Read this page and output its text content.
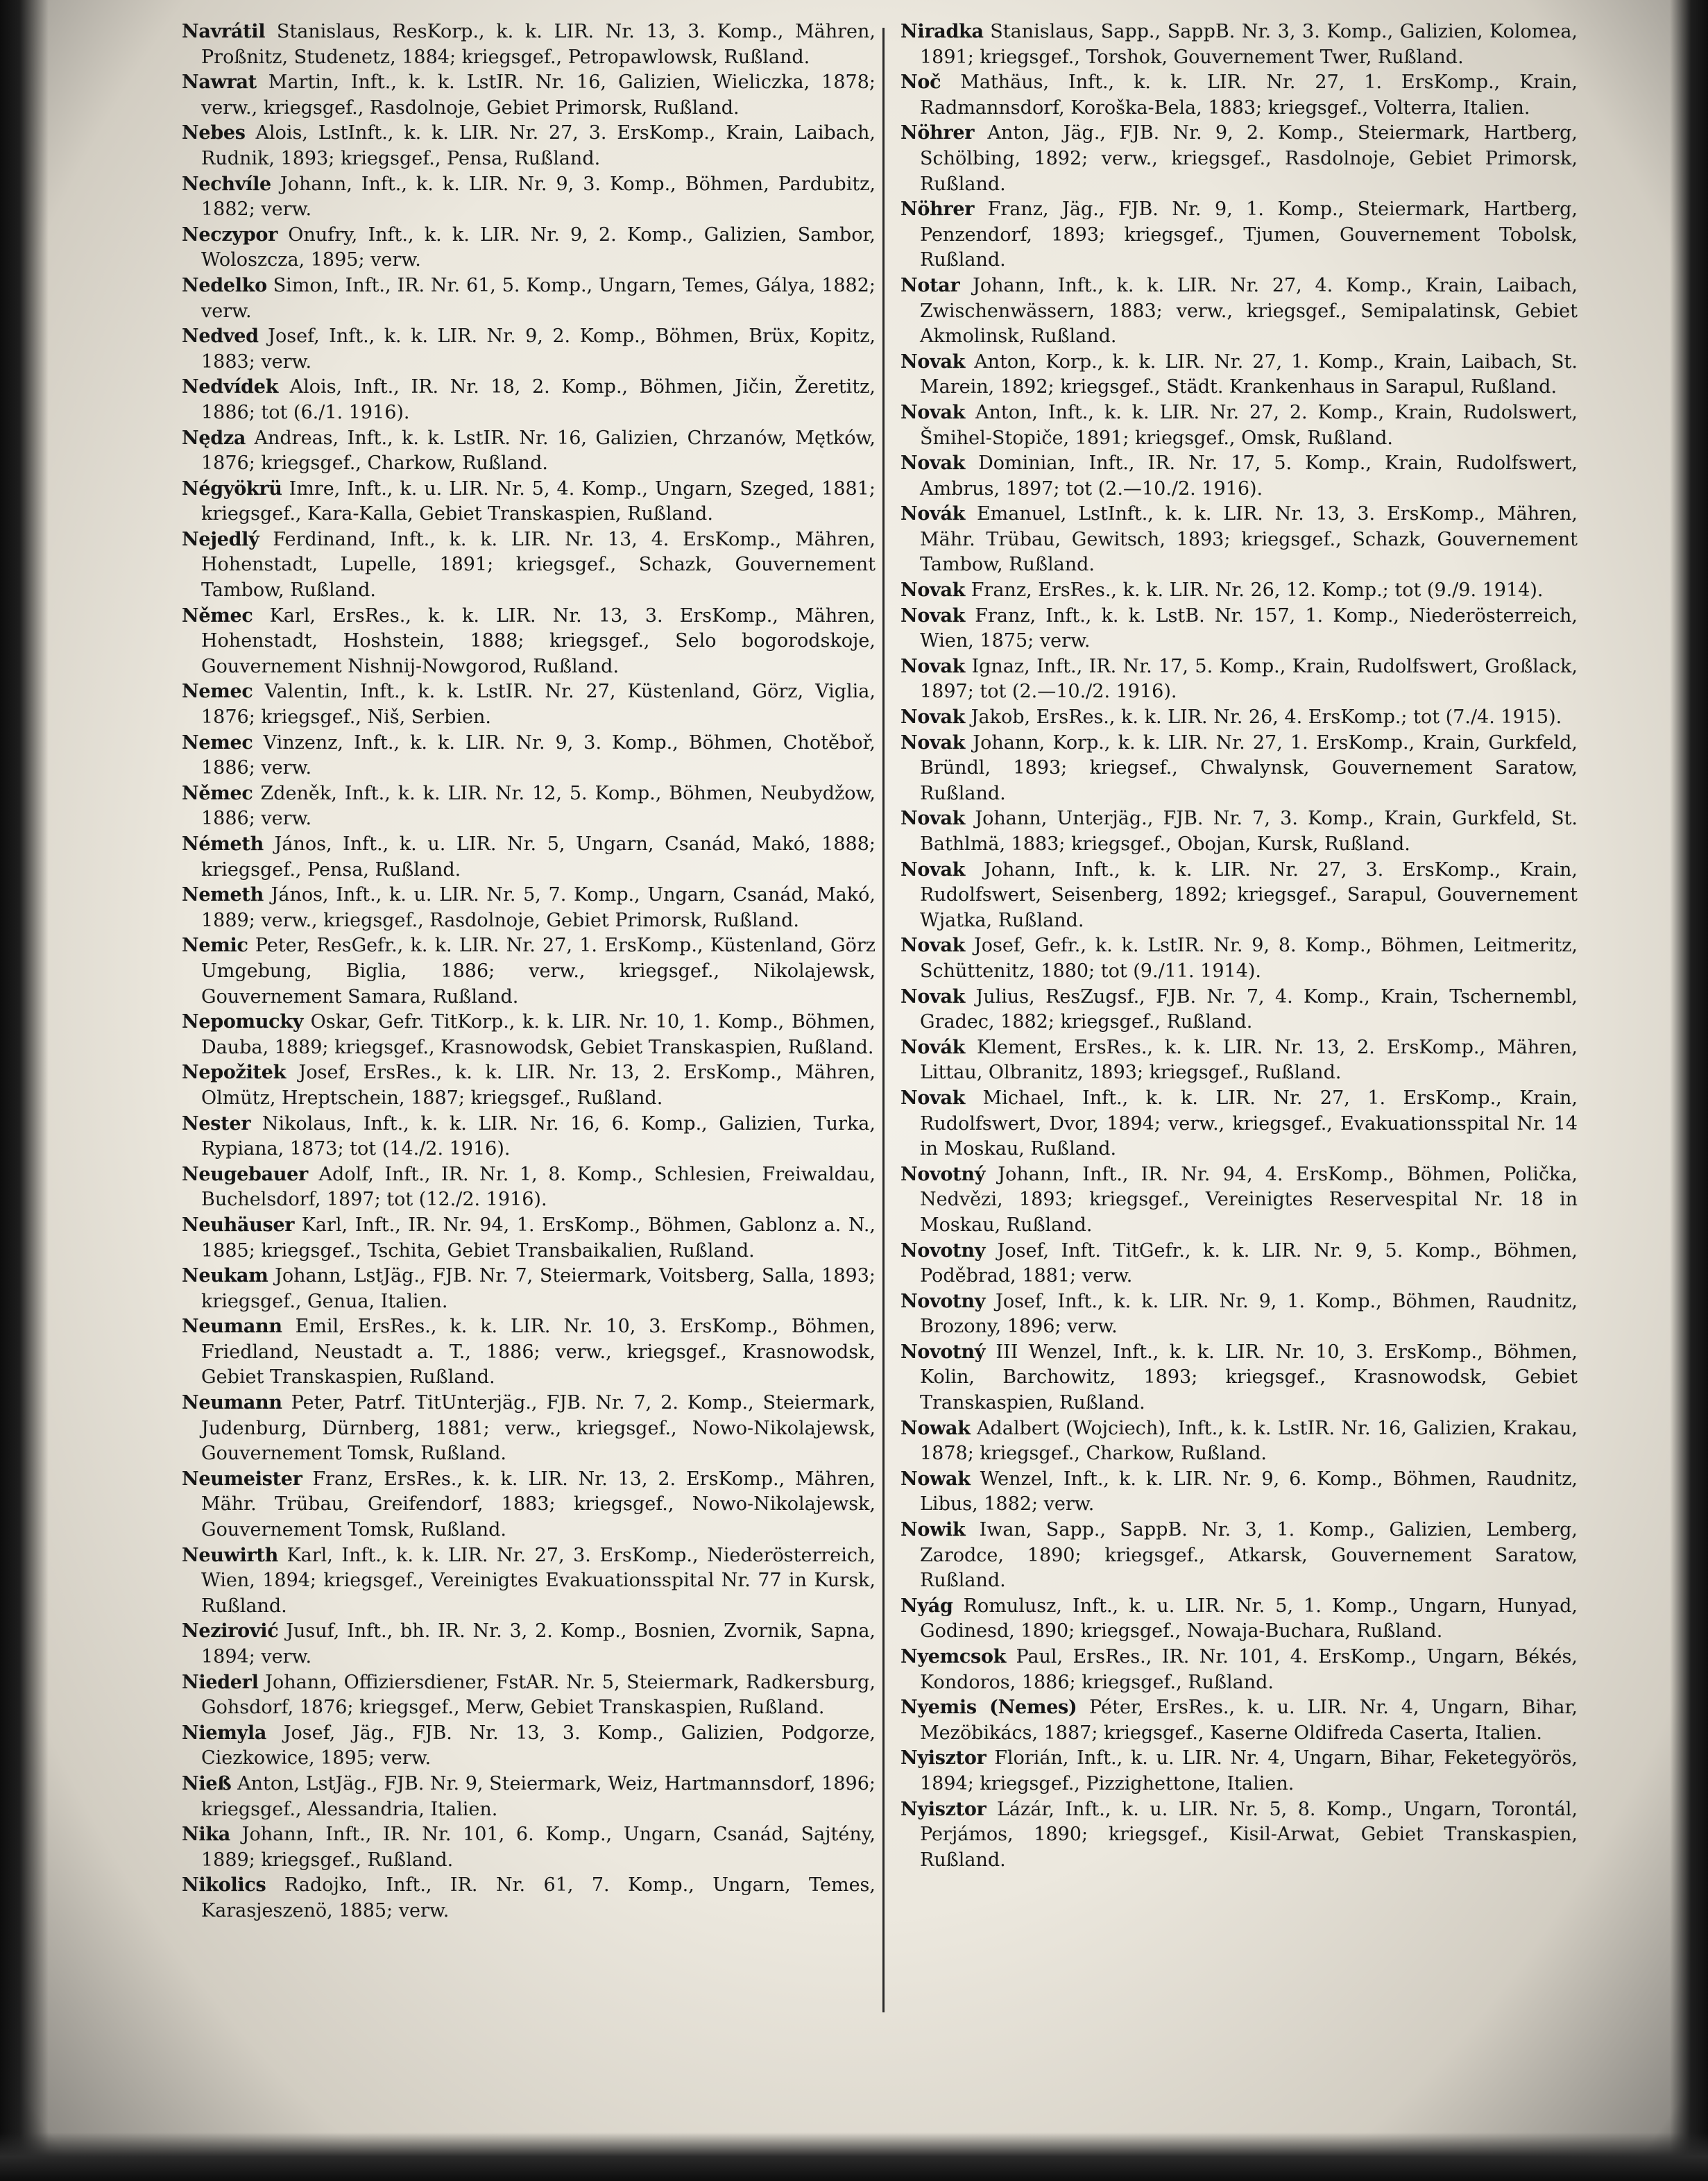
Navrátil Stanislaus, ResKorp., k. k. LIR. Nr. 13, 3. Komp., Mähren, Proßnitz, Studenetz, 1884; kriegsgef., Petropawlowsk, Rußland.

Nawrat Martin, Inft., k. k. LstIR. Nr. 16, Galizien, Wieliczka, 1878; verw., kriegsgef., Rasdolnoje, Gebiet Primorsk, Rußland.

Nebes Alois, LstInft., k. k. LIR. Nr. 27, 3. ErsKomp., Krain, Laibach, Rudnik, 1893; kriegsgef., Pensa, Rußland.

Nechvíle Johann, Inft., k. k. LIR. Nr. 9, 3. Komp., Böhmen, Pardubitz, 1882; verw.

Neczypor Onufry, Inft., k. k. LIR. Nr. 9, 2. Komp., Galizien, Sambor, Woloszcza, 1895; verw.

Nedelko Simon, Inft., IR. Nr. 61, 5. Komp., Ungarn, Temes, Gálya, 1882; verw.

Nedved Josef, Inft., k. k. LIR. Nr. 9, 2. Komp., Böhmen, Brüx, Kopitz, 1883; verw.

Nedvídek Alois, Inft., IR. Nr. 18, 2. Komp., Böhmen, Jičin, Žeretitz, 1886; tot (6./1. 1916).

Nędza Andreas, Inft., k. k. LstIR. Nr. 16, Galizien, Chrzanów, Mętków, 1876; kriegsgef., Charkow, Rußland.

Négyökrü Imre, Inft., k. u. LIR. Nr. 5, 4. Komp., Ungarn, Szeged, 1881; kriegsgef., Kara-Kalla, Gebiet Transkaspien, Rußland.

Nejedlý Ferdinand, Inft., k. k. LIR. Nr. 13, 4. ErsKomp., Mähren, Hohenstadt, Lupelle, 1891; kriegsgef., Schazk, Gouvernement Tambow, Rußland.

Němec Karl, ErsRes., k. k. LIR. Nr. 13, 3. ErsKomp., Mähren, Hohenstadt, Hoshstein, 1888; kriegsgef., Selo bogorodskoje, Gouvernement Nishnij-Nowgorod, Rußland.

Nemec Valentin, Inft., k. k. LstIR. Nr. 27, Küstenland, Görz, Viglia, 1876; kriegsgef., Niš, Serbien.

Nemec Vinzenz, Inft., k. k. LIR. Nr. 9, 3. Komp., Böhmen, Chotěboř, 1886; verw.

Němec Zdeněk, Inft., k. k. LIR. Nr. 12, 5. Komp., Böhmen, Neubydžow, 1886; verw.

Németh János, Inft., k. u. LIR. Nr. 5, Ungarn, Csanád, Makó, 1888; kriegsgef., Pensa, Rußland.

Nemeth János, Inft., k. u. LIR. Nr. 5, 7. Komp., Ungarn, Csanád, Makó, 1889; verw., kriegsgef., Rasdolnoje, Gebiet Primorsk, Rußland.

Nemic Peter, ResGefr., k. k. LIR. Nr. 27, 1. ErsKomp., Küstenland, Görz Umgebung, Biglia, 1886; verw., kriegsgef., Nikolajewsk, Gouvernement Samara, Rußland.

Nepomucky Oskar, Gefr. TitKorp., k. k. LIR. Nr. 10, 1. Komp., Böhmen, Dauba, 1889; kriegsgef., Krasnowodsk, Gebiet Transkaspien, Rußland.

Nepožitek Josef, ErsRes., k. k. LIR. Nr. 13, 2. ErsKomp., Mähren, Olmütz, Hreptschein, 1887; kriegsgef., Rußland.

Nester Nikolaus, Inft., k. k. LIR. Nr. 16, 6. Komp., Galizien, Turka, Rypiana, 1873; tot (14./2. 1916).

Neugebauer Adolf, Inft., IR. Nr. 1, 8. Komp., Schlesien, Freiwaldau, Buchelsdorf, 1897; tot (12./2. 1916).

Neuhäuser Karl, Inft., IR. Nr. 94, 1. ErsKomp., Böhmen, Gablonz a. N., 1885; kriegsgef., Tschita, Gebiet Transbaikalien, Rußland.

Neukam Johann, LstJäg., FJB. Nr. 7, Steiermark, Voitsberg, Salla, 1893; kriegsgef., Genua, Italien.

Neumann Emil, ErsRes., k. k. LIR. Nr. 10, 3. ErsKomp., Böhmen, Friedland, Neustadt a. T., 1886; verw., kriegsgef., Krasnowodsk, Gebiet Transkaspien, Rußland.

Neumann Peter, Patrf. TitUnterjäg., FJB. Nr. 7, 2. Komp., Steiermark, Judenburg, Dürnberg, 1881; verw., kriegsgef., Nowo-Nikolajewsk, Gouvernement Tomsk, Rußland.

Neumeister Franz, ErsRes., k. k. LIR. Nr. 13, 2. ErsKomp., Mähren, Mähr. Trübau, Greifendorf, 1883; kriegsgef., Nowo-Nikolajewsk, Gouvernement Tomsk, Rußland.

Neuwirth Karl, Inft., k. k. LIR. Nr. 27, 3. ErsKomp., Niederösterreich, Wien, 1894; kriegsgef., Vereinigtes Evakuationsspital Nr. 77 in Kursk, Rußland.

Nezirović Jusuf, Inft., bh. IR. Nr. 3, 2. Komp., Bosnien, Zvornik, Sapna, 1894; verw.

Niederl Johann, Offiziersdiener, FstAR. Nr. 5, Steiermark, Radkersburg, Gohsdorf, 1876; kriegsgef., Merw, Gebiet Transkaspien, Rußland.

Niemyla Josef, Jäg., FJB. Nr. 13, 3. Komp., Galizien, Podgorze, Ciezkowice, 1895; verw.

Nieß Anton, LstJäg., FJB. Nr. 9, Steiermark, Weiz, Hartmannsdorf, 1896; kriegsgef., Alessandria, Italien.

Nika Johann, Inft., IR. Nr. 101, 6. Komp., Ungarn, Csanád, Sajtény, 1889; kriegsgef., Rußland.

Nikolics Radojko, Inft., IR. Nr. 61, 7. Komp., Ungarn, Temes, Karasjeszenö, 1885; verw.

Niradka Stanislaus, Sapp., SappB. Nr. 3, 3. Komp., Galizien, Kolomea, 1891; kriegsgef., Torshok, Gouvernement Twer, Rußland.

Noč Mathäus, Inft., k. k. LIR. Nr. 27, 1. ErsKomp., Krain, Radmannsdorf, Koroška-Bela, 1883; kriegsgef., Volterra, Italien.

Nöhrer Anton, Jäg., FJB. Nr. 9, 2. Komp., Steiermark, Hartberg, Schölbing, 1892; verw., kriegsgef., Rasdolnoje, Gebiet Primorsk, Rußland.

Nöhrer Franz, Jäg., FJB. Nr. 9, 1. Komp., Steiermark, Hartberg, Penzendorf, 1893; kriegsgef., Tjumen, Gouvernement Tobolsk, Rußland.

Notar Johann, Inft., k. k. LIR. Nr. 27, 4. Komp., Krain, Laibach, Zwischenwässern, 1883; verw., kriegsgef., Semipalatinsk, Gebiet Akmolinsk, Rußland.

Novak Anton, Korp., k. k. LIR. Nr. 27, 1. Komp., Krain, Laibach, St. Marein, 1892; kriegsgef., Städt. Krankenhaus in Sarapul, Rußland.

Novak Anton, Inft., k. k. LIR. Nr. 27, 2. Komp., Krain, Rudolswert, Šmihel-Stopiče, 1891; kriegsgef., Omsk, Rußland.

Novak Dominian, Inft., IR. Nr. 17, 5. Komp., Krain, Rudolfswert, Ambrus, 1897; tot (2.—10./2. 1916).

Novák Emanuel, LstInft., k. k. LIR. Nr. 13, 3. ErsKomp., Mähren, Mähr. Trübau, Gewitsch, 1893; kriegsgef., Schazk, Gouvernement Tambow, Rußland.

Novak Franz, ErsRes., k. k. LIR. Nr. 26, 12. Komp.; tot (9./9. 1914).

Novak Franz, Inft., k. k. LstB. Nr. 157, 1. Komp., Niederösterreich, Wien, 1875; verw.

Novak Ignaz, Inft., IR. Nr. 17, 5. Komp., Krain, Rudolfswert, Großlack, 1897; tot (2.—10./2. 1916).

Novak Jakob, ErsRes., k. k. LIR. Nr. 26, 4. ErsKomp.; tot (7./4. 1915).

Novak Johann, Korp., k. k. LIR. Nr. 27, 1. ErsKomp., Krain, Gurkfeld, Bründl, 1893; kriegsef., Chwalynsk, Gouvernement Saratow, Rußland.

Novak Johann, Unterjäg., FJB. Nr. 7, 3. Komp., Krain, Gurkfeld, St. Bathlmä, 1883; kriegsgef., Obojan, Kursk, Rußland.

Novak Johann, Inft., k. k. LIR. Nr. 27, 3. ErsKomp., Krain, Rudolfswert, Seisenberg, 1892; kriegsgef., Sarapul, Gouvernement Wjatka, Rußland.

Novak Josef, Gefr., k. k. LstIR. Nr. 9, 8. Komp., Böhmen, Leitmeritz, Schüttenitz, 1880; tot (9./11. 1914).

Novak Julius, ResZugsf., FJB. Nr. 7, 4. Komp., Krain, Tschernembl, Gradec, 1882; kriegsgef., Rußland.

Novák Klement, ErsRes., k. k. LIR. Nr. 13, 2. ErsKomp., Mähren, Littau, Olbranitz, 1893; kriegsgef., Rußland.

Novak Michael, Inft., k. k. LIR. Nr. 27, 1. ErsKomp., Krain, Rudolfswert, Dvor, 1894; verw., kriegsgef., Evakuationsspital Nr. 14 in Moskau, Rußland.

Novotný Johann, Inft., IR. Nr. 94, 4. ErsKomp., Böhmen, Polička, Nedvězi, 1893; kriegsgef., Vereinigtes Reservespital Nr. 18 in Moskau, Rußland.

Novotny Josef, Inft. TitGefr., k. k. LIR. Nr. 9, 5. Komp., Böhmen, Poděbrad, 1881; verw.

Novotny Josef, Inft., k. k. LIR. Nr. 9, 1. Komp., Böhmen, Raudnitz, Brozony, 1896; verw.

Novotný III Wenzel, Inft., k. k. LIR. Nr. 10, 3. ErsKomp., Böhmen, Kolin, Barchowitz, 1893; kriegsgef., Krasnowodsk, Gebiet Transkaspien, Rußland.

Nowak Adalbert (Wojciech), Inft., k. k. LstIR. Nr. 16, Galizien, Krakau, 1878; kriegsgef., Charkow, Rußland.

Nowak Wenzel, Inft., k. k. LIR. Nr. 9, 6. Komp., Böhmen, Raudnitz, Libus, 1882; verw.

Nowik Iwan, Sapp., SappB. Nr. 3, 1. Komp., Galizien, Lemberg, Zarodce, 1890; kriegsgef., Atkarsk, Gouvernement Saratow, Rußland.

Nyág Romulusz, Inft., k. u. LIR. Nr. 5, 1. Komp., Ungarn, Hunyad, Godinesd, 1890; kriegsgef., Nowaja-Buchara, Rußland.

Nyemcsok Paul, ErsRes., IR. Nr. 101, 4. ErsKomp., Ungarn, Békés, Kondoros, 1886; kriegsgef., Rußland.

Nyemis (Nemes) Péter, ErsRes., k. u. LIR. Nr. 4, Ungarn, Bihar, Mezöbikács, 1887; kriegsgef., Kaserne Oldifreda Caserta, Italien.

Nyisztor Florián, Inft., k. u. LIR. Nr. 4, Ungarn, Bihar, Feketegyörös, 1894; kriegsgef., Pizzighettone, Italien.

Nyisztor Lázár, Inft., k. u. LIR. Nr. 5, 8. Komp., Ungarn, Torontál, Perjámos, 1890; kriegsgef., Kisil-Arwat, Gebiet Transkaspien, Rußland.
